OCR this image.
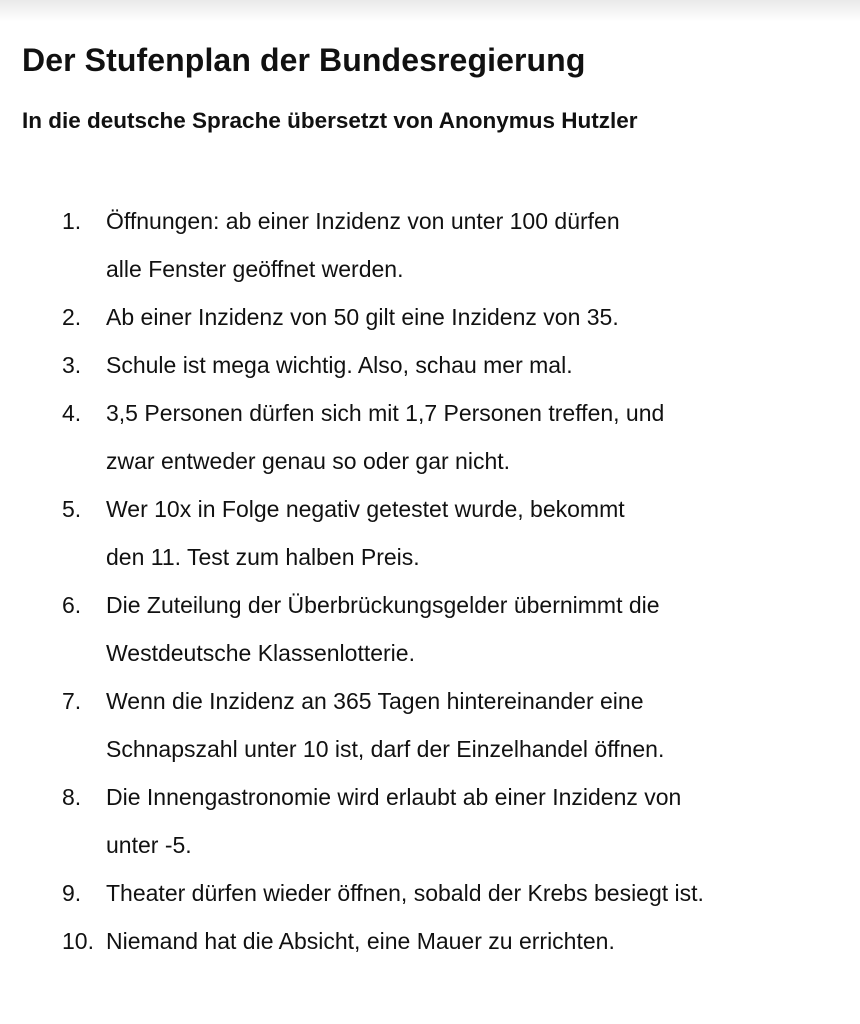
Der Stufenplan der Bundesregierung
In die deutsche Sprache übersetzt von Anonymus Hutzler
1. Öffnungen: ab einer Inzidenz von unter 100 dürfen
alle Fenster geöffnet werden.
2. Ab einer Inzidenz von 50 gilt eine Inzidenz von 35.
3. Schule ist mega wichtig. Also, schau mer mal.
4. 3,5 Personen dürfen sich mit 1,7 Personen treffen, und
zwar entweder genau so oder gar nicht.
5. Wer 10x in Folge negativ getestet wurde, bekommt
den 11. Test zum halben Preis.
6. Die Zuteilung der Überbrückungsgelder übernimmt die
Westdeutsche Klassenlotterie.
7. Wenn die Inzidenz an 365 Tagen hintereinander eine
Schnapszahl unter 10 ist, darf der Einzelhandel öffnen.
8. Die Innengastronomie wird erlaubt ab einer Inzidenz von
unter -5.
9. Theater dürfen wieder öffnen, sobald der Krebs besiegt ist.
10. Niemand hat die Absicht, eine Mauer zu errichten.
